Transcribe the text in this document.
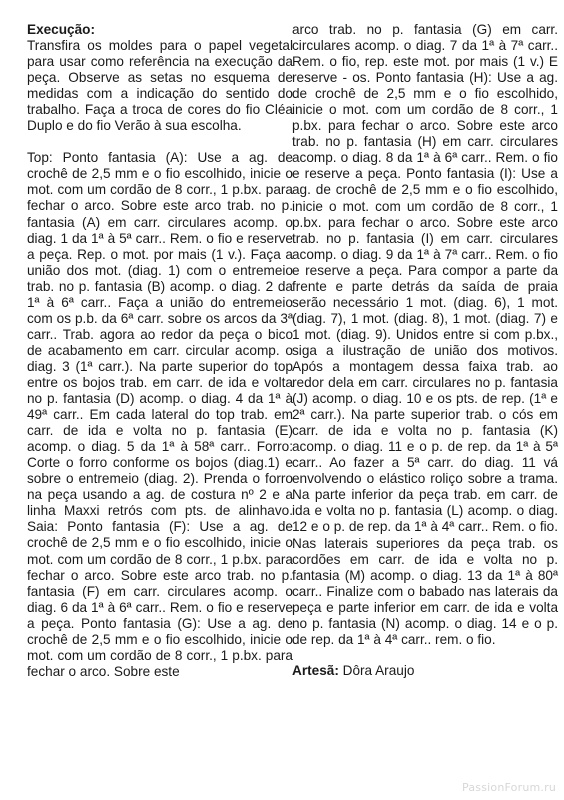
Execução:

Transfira os moldes para o papel vegetal para usar como referência na execução da peça. Observe as setas no esquema de medidas com a indicação do sentido do trabalho. Faça a troca de cores do fio Cléa Duplo e do fio Verão à sua escolha.

Top: Ponto fantasia (A): Use a ag. de crochê de 2,5 mm e o fio escolhido, inicie o mot. com um cordão de 8 corr., 1 p.bx. para fechar o arco. Sobre este arco trab. no p. fantasia (A) em carr. circulares acomp. o diag. 1 da 1ª à 5ª carr.. Rem. o fio e reserve a peça. Rep. o mot. por mais (1 v.). Faça a união dos mot. (diag. 1) com o entremeio trab. no p. fantasia (B) acomp. o diag. 2 da 1ª à 6ª carr.. Faça a união do entremeio com os p.b. da 6ª carr. sobre os arcos da 3ª carr.. Trab. agora ao redor da peça o bico de acabamento em carr. circular acomp. o diag. 3 (1ª carr.). Na parte superior do top entre os bojos trab. em carr. de ida e volta no p. fantasia (D) acomp. o diag. 4 da 1ª à 49ª carr.. Em cada lateral do top trab. em carr. de ida e volta no p. fantasia (E) acomp. o diag. 5 da 1ª à 58ª carr.. Forro: Corte o forro conforme os bojos (diag.1) e sobre o entremeio (diag. 2). Prenda o forro na peça usando a ag. de costura nº 2 e a linha Maxxi retrós com pts. de alinhavo. Saia: Ponto fantasia (F): Use a ag. de crochê de 2,5 mm e o fio escolhido, inicie o mot. com um cordão de 8 corr., 1 p.bx. para fechar o arco. Sobre este arco trab. no p. fantasia (F) em carr. circulares acomp. o diag. 6 da 1ª à 6ª carr.. Rem. o fio e reserve a peça. Ponto fantasia (G): Use a ag. de crochê de 2,5 mm e o fio escolhido, inicie o mot. com um cordão de 8 corr., 1 p.bx. para fechar o arco. Sobre este

arco trab. no p. fantasia (G) em carr. circulares acomp. o diag. 7 da 1ª à 7ª carr.. Rem. o fio, rep. este mot. por mais (1 v.) E reserve - os. Ponto fantasia (H): Use a ag. de crochê de 2,5 mm e o fio escolhido, inicie o mot. com um cordão de 8 corr., 1 p.bx. para fechar o arco. Sobre este arco trab. no p. fantasia (H) em carr. circulares acomp. o diag. 8 da 1ª à 6ª carr.. Rem. o fio e reserve a peça. Ponto fantasia (I): Use a ag. de crochê de 2,5 mm e o fio escolhido, inicie o mot. com um cordão de 8 corr., 1 p.bx. para fechar o arco. Sobre este arco trab. no p. fantasia (I) em carr. circulares acomp. o diag. 9 da 1ª à 7ª carr.. Rem. o fio e reserve a peça. Para compor a parte da frente e parte detrás da saída de praia serão necessário 1 mot. (diag. 6), 1 mot. (diag. 7), 1 mot. (diag. 8), 1 mot. (diag. 7) e 1 mot. (diag. 9). Unidos entre si com p.bx., siga a ilustração de união dos motivos. Após a montagem dessa faixa trab. ao redor dela em carr. circulares no p. fantasia (J) acomp. o diag. 10 e os pts. de rep. (1ª e 2ª carr.). Na parte superior trab. o cós em carr. de ida e volta no p. fantasia (K) acomp. o diag. 11 e o p. de rep. da 1ª à 5ª carr.. Ao fazer a 5ª carr. do diag. 11 vá envolvendo o elástico roliço sobre a trama. Na parte inferior da peça trab. em carr. de ida e volta no p. fantasia (L) acomp. o diag. 12 e o p. de rep. da 1ª à 4ª carr.. Rem. o fio. Nas laterais superiores da peça trab. os cordões em carr. de ida e volta no p. fantasia (M) acomp. o diag. 13 da 1ª à 80ª carr.. Finalize com o babado nas laterais da peça e parte inferior em carr. de ida e volta no p. fantasia (N) acomp. o diag. 14 e o p. de rep. da 1ª à 4ª carr.. rem. o fio.

Artesã: Dôra Araujo
PassionForum.ru
